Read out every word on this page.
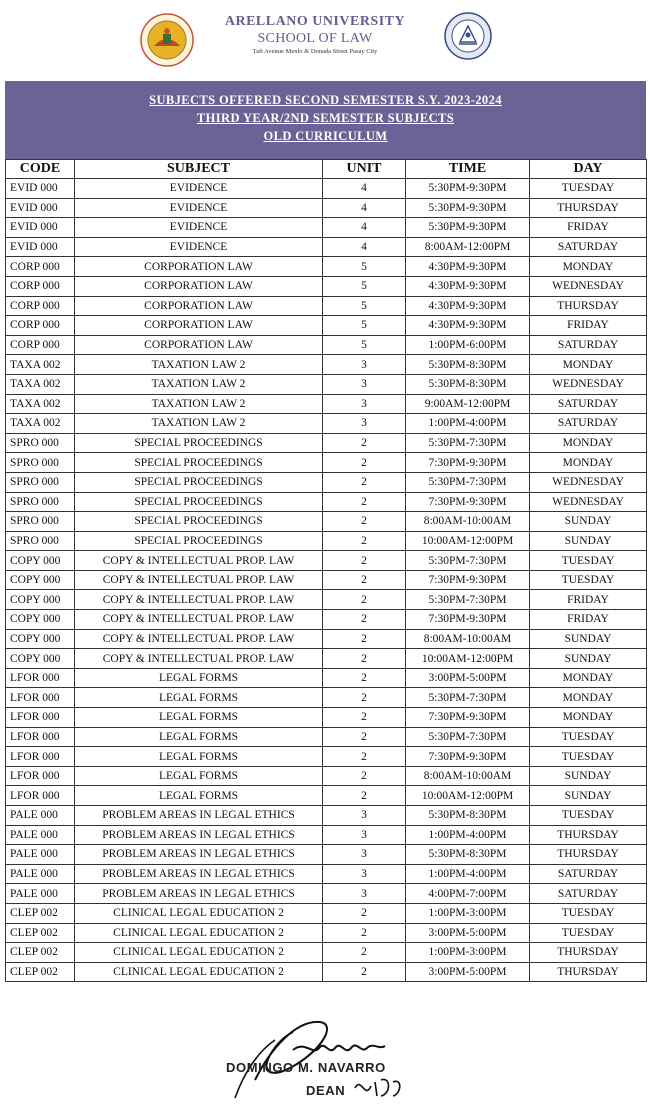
ARELLANO UNIVERSITY
SCHOOL OF LAW
Taft Avenue Menlo & Donada Street Pasay City
SUBJECTS OFFERED SECOND SEMESTER S.Y. 2023-2024
THIRD YEAR/2ND SEMESTER SUBJECTS
OLD CURRICULUM
CODE	SUBJECT	UNIT	TIME	DAY
EVID 000	EVIDENCE	4	5:30PM-9:30PM	TUESDAY
EVID 000	EVIDENCE	4	5:30PM-9:30PM	THURSDAY
EVID 000	EVIDENCE	4	5:30PM-9:30PM	FRIDAY
EVID 000	EVIDENCE	4	8:00AM-12:00PM	SATURDAY
CORP 000	CORPORATION LAW	5	4:30PM-9:30PM	MONDAY
CORP 000	CORPORATION LAW	5	4:30PM-9:30PM	WEDNESDAY
CORP 000	CORPORATION LAW	5	4:30PM-9:30PM	THURSDAY
CORP 000	CORPORATION LAW	5	4:30PM-9:30PM	FRIDAY
CORP 000	CORPORATION LAW	5	1:00PM-6:00PM	SATURDAY
TAXA 002	TAXATION LAW 2	3	5:30PM-8:30PM	MONDAY
TAXA 002	TAXATION LAW 2	3	5:30PM-8:30PM	WEDNESDAY
TAXA 002	TAXATION LAW 2	3	9:00AM-12:00PM	SATURDAY
TAXA 002	TAXATION LAW 2	3	1:00PM-4:00PM	SATURDAY
SPRO 000	SPECIAL PROCEEDINGS	2	5:30PM-7:30PM	MONDAY
SPRO 000	SPECIAL PROCEEDINGS	2	7:30PM-9:30PM	MONDAY
SPRO 000	SPECIAL PROCEEDINGS	2	5:30PM-7:30PM	WEDNESDAY
SPRO 000	SPECIAL PROCEEDINGS	2	7:30PM-9:30PM	WEDNESDAY
SPRO 000	SPECIAL PROCEEDINGS	2	8:00AM-10:00AM	SUNDAY
SPRO 000	SPECIAL PROCEEDINGS	2	10:00AM-12:00PM	SUNDAY
COPY 000	COPY & INTELLECTUAL PROP. LAW	2	5:30PM-7:30PM	TUESDAY
COPY 000	COPY & INTELLECTUAL PROP. LAW	2	7:30PM-9:30PM	TUESDAY
COPY 000	COPY & INTELLECTUAL PROP. LAW	2	5:30PM-7:30PM	FRIDAY
COPY 000	COPY & INTELLECTUAL PROP. LAW	2	7:30PM-9:30PM	FRIDAY
COPY 000	COPY & INTELLECTUAL PROP. LAW	2	8:00AM-10:00AM	SUNDAY
COPY 000	COPY & INTELLECTUAL PROP. LAW	2	10:00AM-12:00PM	SUNDAY
LFOR 000	LEGAL FORMS	2	3:00PM-5:00PM	MONDAY
LFOR 000	LEGAL FORMS	2	5:30PM-7:30PM	MONDAY
LFOR 000	LEGAL FORMS	2	7:30PM-9:30PM	MONDAY
LFOR 000	LEGAL FORMS	2	5:30PM-7:30PM	TUESDAY
LFOR 000	LEGAL FORMS	2	7:30PM-9:30PM	TUESDAY
LFOR 000	LEGAL FORMS	2	8:00AM-10:00AM	SUNDAY
LFOR 000	LEGAL FORMS	2	10:00AM-12:00PM	SUNDAY
PALE 000	PROBLEM AREAS IN LEGAL ETHICS	3	5:30PM-8:30PM	TUESDAY
PALE 000	PROBLEM AREAS IN LEGAL ETHICS	3	1:00PM-4:00PM	THURSDAY
PALE 000	PROBLEM AREAS IN LEGAL ETHICS	3	5:30PM-8:30PM	THURSDAY
PALE 000	PROBLEM AREAS IN LEGAL ETHICS	3	1:00PM-4:00PM	SATURDAY
PALE 000	PROBLEM AREAS IN LEGAL ETHICS	3	4:00PM-7:00PM	SATURDAY
CLEP 002	CLINICAL LEGAL EDUCATION 2	2	1:00PM-3:00PM	TUESDAY
CLEP 002	CLINICAL LEGAL EDUCATION 2	2	3:00PM-5:00PM	TUESDAY
CLEP 002	CLINICAL LEGAL EDUCATION 2	2	1:00PM-3:00PM	THURSDAY
CLEP 002	CLINICAL LEGAL EDUCATION 2	2	3:00PM-5:00PM	THURSDAY
DOMINGO M. NAVARRO
DEAN
